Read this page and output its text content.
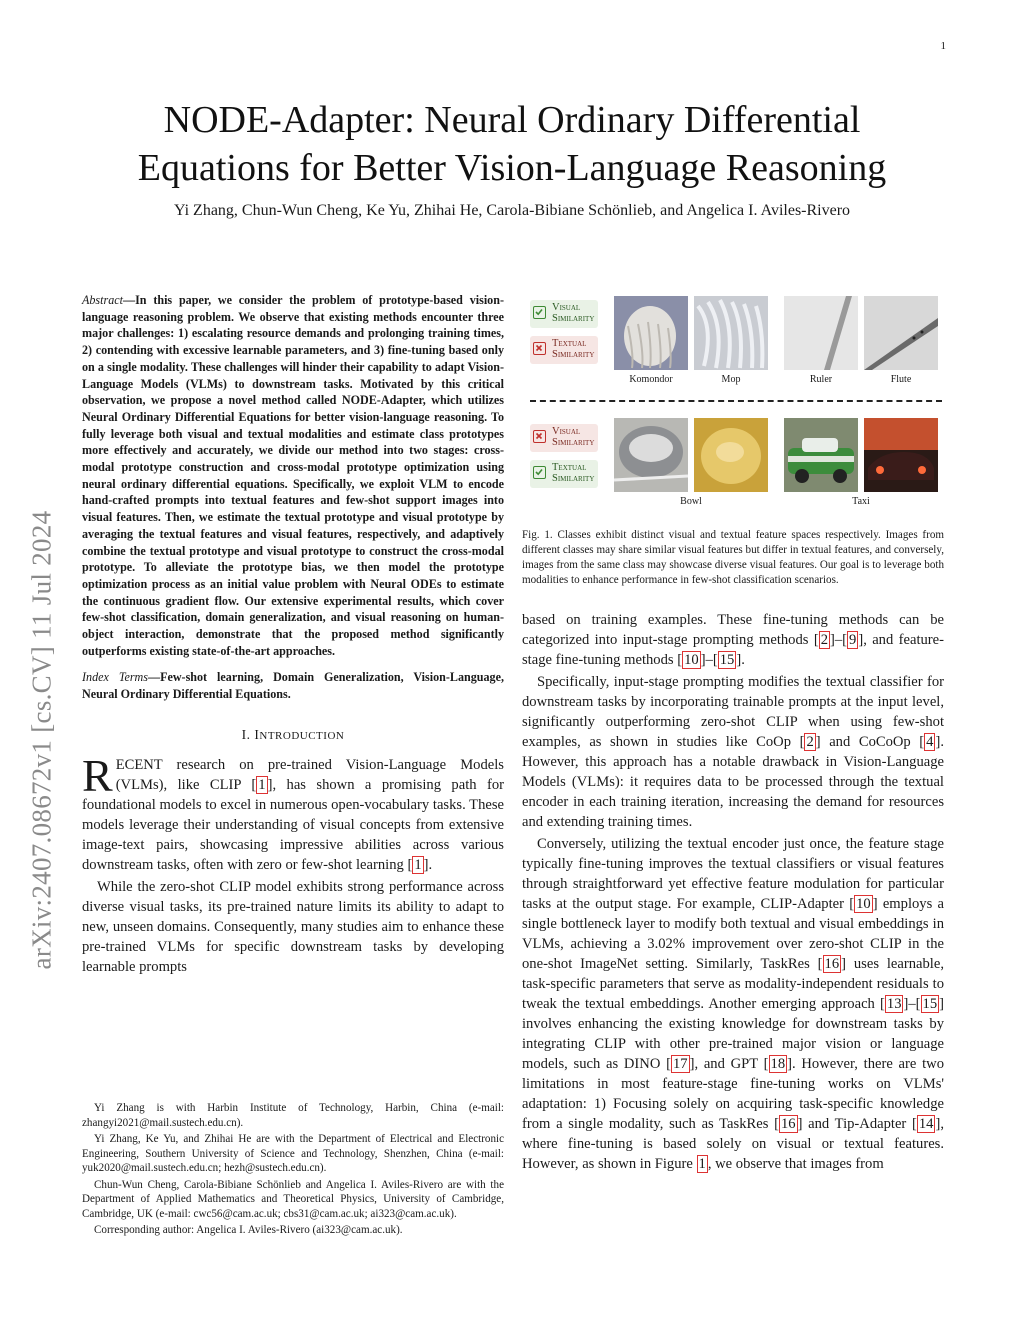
1
arXiv:2407.08672v1 [cs.CV] 11 Jul 2024
NODE-Adapter: Neural Ordinary Differential
Equations for Better Vision-Language Reasoning
Yi Zhang, Chun-Wun Cheng, Ke Yu, Zhihai He, Carola-Bibiane Schönlieb, and Angelica I. Aviles-Rivero
Abstract—In this paper, we consider the problem of prototype-based vision-language reasoning problem. We observe that existing methods encounter three major challenges: 1) escalating resource demands and prolonging training times, 2) contending with excessive learnable parameters, and 3) fine-tuning based only on a single modality. These challenges will hinder their capability to adapt Vision-Language Models (VLMs) to downstream tasks. Motivated by this critical observation, we propose a novel method called NODE-Adapter, which utilizes Neural Ordinary Differential Equations for better vision-language reasoning. To fully leverage both visual and textual modalities and estimate class prototypes more effectively and accurately, we divide our method into two stages: cross-modal prototype construction and cross-modal prototype optimization using neural ordinary differential equations. Specifically, we exploit VLM to encode hand-crafted prompts into textual features and few-shot support images into visual features. Then, we estimate the textual prototype and visual prototype by averaging the textual features and visual features, respectively, and adaptively combine the textual prototype and visual prototype to construct the cross-modal prototype. To alleviate the prototype bias, we then model the prototype optimization process as an initial value problem with Neural ODEs to estimate the continuous gradient flow. Our extensive experimental results, which cover few-shot classification, domain generalization, and visual reasoning on human-object interaction, demonstrate that the proposed method significantly outperforms existing state-of-the-art approaches.
Index Terms—Few-shot learning, Domain Generalization, Vision-Language, Neural Ordinary Differential Equations.
I. INTRODUCTION

RECENT research on pre-trained Vision-Language Models (VLMs), like CLIP [ 1 ], has shown a promising path for foundational models to excel in numerous open-vocabulary tasks. These models leverage their understanding of visual concepts from extensive image-text pairs, showcasing impressive abilities across various downstream tasks, often with zero or few-shot learning [ 1 ].

While the zero-shot CLIP model exhibits strong performance across diverse visual tasks, its pre-trained nature limits its ability to adapt to new, unseen domains. Consequently, many studies aim to enhance these pre-trained VLMs for specific downstream tasks by developing learnable prompts

Yi Zhang is with Harbin Institute of Technology, Harbin, China (e-mail: zhangyi2021@mail.sustech.edu.cn).

Yi Zhang, Ke Yu, and Zhihai He are with the Department of Electrical and Electronic Engineering, Southern University of Science and Technology, Shenzhen, China (e-mail: yuk2020@mail.sustech.edu.cn; hezh@sustech.edu.cn).

Chun-Wun Cheng, Carola-Bibiane Schönlieb and Angelica I. Aviles-Rivero are with the Department of Applied Mathematics and Theoretical Physics, University of Cambridge, Cambridge, UK (e-mail: cwc56@cam.ac.uk; cbs31@cam.ac.uk; ai323@cam.ac.uk).

Corresponding author: Angelica I. Aviles-Rivero (ai323@cam.ac.uk).

Visual
Similarity
Textual
Similarity
Komondor	Mop	Ruler	Flute
Visual
Similarity
Textual
Similarity
Bowl	Taxi
Fig. 1. Classes exhibit distinct visual and textual feature spaces respectively. Images from different classes may share similar visual features but differ in textual features, and conversely, images from the same class may showcase diverse visual features. Our goal is to leverage both modalities to enhance performance in few-shot classification scenarios.

based on training examples. These fine-tuning methods can be categorized into input-stage prompting methods [ 2 ]–[ 9 ], and feature-stage fine-tuning methods [ 10 ]–[ 15 ].

Specifically, input-stage prompting modifies the textual classifier for downstream tasks by incorporating trainable prompts at the input level, significantly outperforming zero-shot CLIP when using few-shot examples, as shown in studies like CoOp [ 2 ] and CoCoOp [ 4 ]. However, this approach has a notable drawback in Vision-Language Models (VLMs): it requires data to be processed through the textual encoder in each training iteration, increasing the demand for resources and extending training times.

Conversely, utilizing the textual encoder just once, the feature stage typically fine-tuning improves the textual classifiers or visual features through straightforward yet effective feature modulation for particular tasks at the output stage. For example, CLIP-Adapter [ 10 ] employs a single bottleneck layer to modify both textual and visual embeddings in VLMs, achieving a 3.02% improvement over zero-shot CLIP in the one-shot ImageNet setting. Similarly, TaskRes [ 16 ] uses learnable, task-specific parameters that serve as modality-independent residuals to tweak the textual embeddings. Another emerging approach [ 13 ]–[ 15 ] involves enhancing the existing knowledge for downstream tasks by integrating CLIP with other pre-trained major vision or language models, such as DINO [ 17 ], and GPT [ 18 ]. However, there are two limitations in most feature-stage fine-tuning works on VLMs' adaptation: 1) Focusing solely on acquiring task-specific knowledge from a single modality, such as TaskRes [ 16 ] and Tip-Adapter [ 14 ], where fine-tuning is based solely on visual or textual features. However, as shown in Figure 1 , we observe that images from
